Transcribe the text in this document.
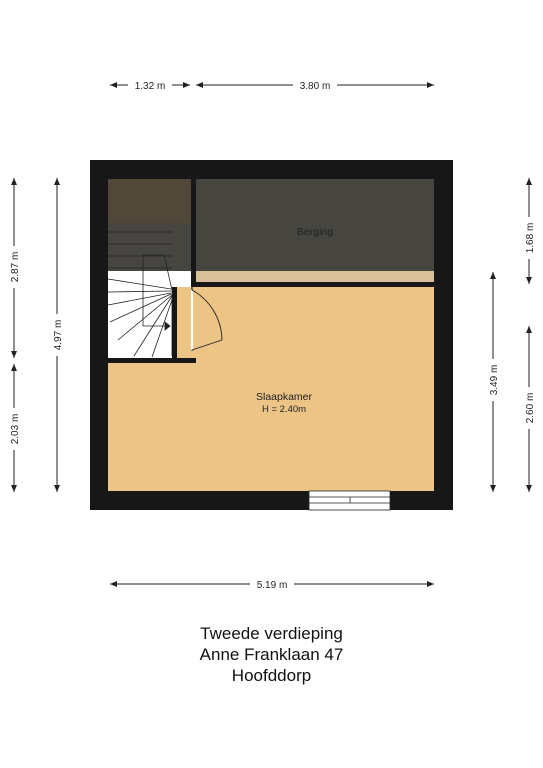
1.32 m	3.80 m
5.19 m
2.87 m
2.03 m
4.97 m
3.49 m
1.68 m
2.60 m
Berging
Slaapkamer
H = 2.40m
Tweede verdieping
Anne Franklaan 47
Hoofddorp
